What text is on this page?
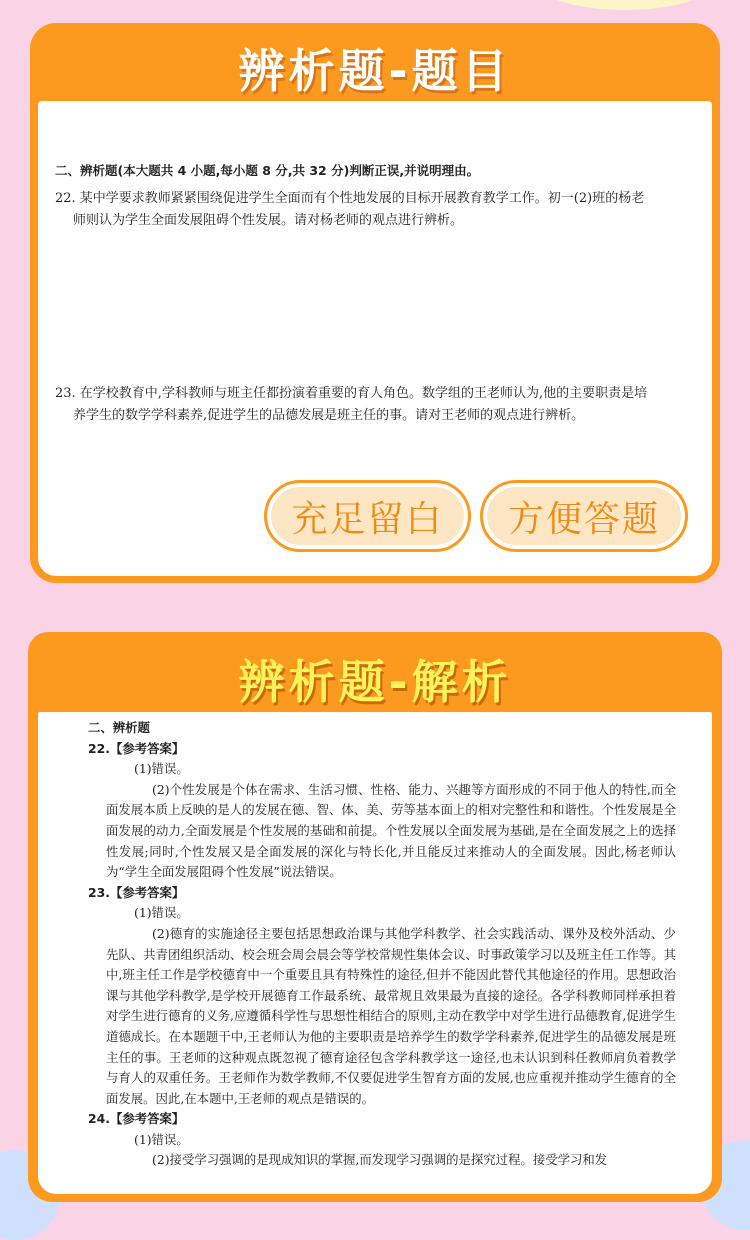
辨析题-题目
二、辨析题(本大题共 4 小题,每小题 8 分,共 32 分)判断正误,并说明理由。
22. 某中学要求教师紧紧围绕促进学生全面而有个性地发展的目标开展教育教学工作。初一(2)班的杨老师则认为学生全面发展阻碍个性发展。请对杨老师的观点进行辨析。
23. 在学校教育中,学科教师与班主任都扮演着重要的育人角色。数学组的王老师认为,他的主要职责是培养学生的数学学科素养,促进学生的品德发展是班主任的事。请对王老师的观点进行辨析。
充足留白	方便答题
辨析题-解析

二、辨析题

22.【参考答案】

(1)错误。

(2)个性发展是个体在需求、生活习惯、性格、能力、兴趣等方面形成的不同于他人的特性,而全面发展本质上反映的是人的发展在德、智、体、美、劳等基本面上的相对完整性和和谐性。个性发展是全面发展的动力,全面发展是个性发展的基础和前提。个性发展以全面发展为基础,是在全面发展之上的选择性发展;同时,个性发展又是全面发展的深化与特长化,并且能反过来推动人的全面发展。因此,杨老师认为“学生全面发展阻碍个性发展”说法错误。

23.【参考答案】

(1)错误。

(2)德育的实施途径主要包括思想政治课与其他学科教学、社会实践活动、课外及校外活动、少先队、共青团组织活动、校会班会周会晨会等学校常规性集体会议、时事政策学习以及班主任工作等。其中,班主任工作是学校德育中一个重要且具有特殊性的途径,但并不能因此替代其他途径的作用。思想政治课与其他学科教学,是学校开展德育工作最系统、最常规且效果最为直接的途径。各学科教师同样承担着对学生进行德育的义务,应遵循科学性与思想性相结合的原则,主动在教学中对学生进行品德教育,促进学生道德成长。在本题题干中,王老师认为他的主要职责是培养学生的数学学科素养,促进学生的品德发展是班主任的事。王老师的这种观点既忽视了德育途径包含学科教学这一途径,也未认识到科任教师肩负着教学与育人的双重任务。王老师作为数学教师,不仅要促进学生智育方面的发展,也应重视并推动学生德育的全面发展。因此,在本题中,王老师的观点是错误的。

24.【参考答案】

(1)错误。

(2)接受学习强调的是现成知识的掌握,而发现学习强调的是探究过程。接受学习和发
